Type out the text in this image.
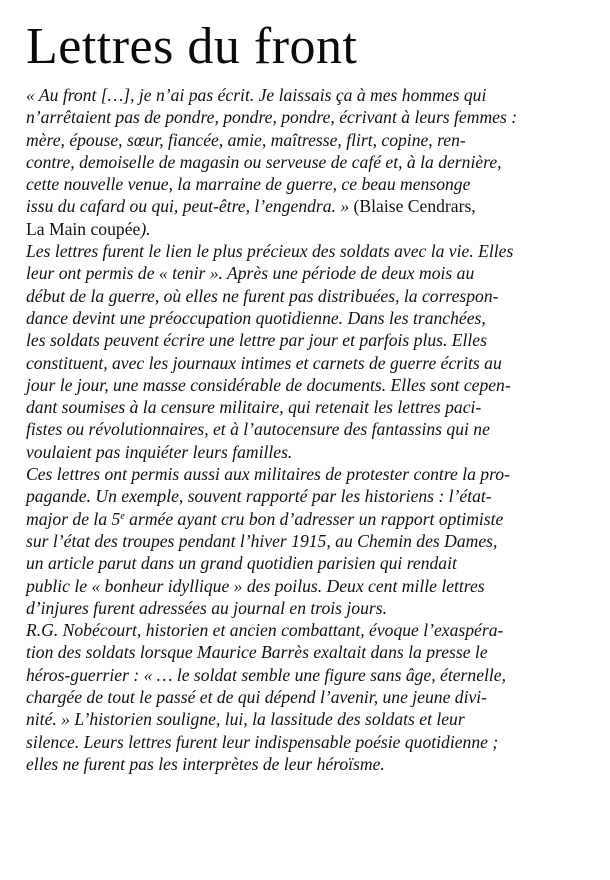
Lettres du front
« Au front […], je n’ai pas écrit. Je laissais ça à mes hommes qui
n’arrêtaient pas de pondre, pondre, pondre, écrivant à leurs femmes :
mère, épouse, sœur, fiancée, amie, maîtresse, flirt, copine, ren-
contre, demoiselle de magasin ou serveuse de café et, à la dernière,
cette nouvelle venue, la marraine de guerre, ce beau mensonge
issu du cafard ou qui, peut-être, l’engendra. » (Blaise Cendrars,
La Main coupée).
Les lettres furent le lien le plus précieux des soldats avec la vie. Elles
leur ont permis de « tenir ». Après une période de deux mois au
début de la guerre, où elles ne furent pas distribuées, la correspon-
dance devint une préoccupation quotidienne. Dans les tranchées,
les soldats peuvent écrire une lettre par jour et parfois plus. Elles
constituent, avec les journaux intimes et carnets de guerre écrits au
jour le jour, une masse considérable de documents. Elles sont cepen-
dant soumises à la censure militaire, qui retenait les lettres paci-
fistes ou révolutionnaires, et à l’autocensure des fantassins qui ne
voulaient pas inquiéter leurs familles.
Ces lettres ont permis aussi aux militaires de protester contre la pro-
pagande. Un exemple, souvent rapporté par les historiens : l’état-
major de la 5e armée ayant cru bon d’adresser un rapport optimiste
sur l’état des troupes pendant l’hiver 1915, au Chemin des Dames,
un article parut dans un grand quotidien parisien qui rendait
public le « bonheur idyllique » des poilus. Deux cent mille lettres
d’injures furent adressées au journal en trois jours.
R.G. Nobécourt, historien et ancien combattant, évoque l’exaspéra-
tion des soldats lorsque Maurice Barrès exaltait dans la presse le
héros-guerrier : « … le soldat semble une figure sans âge, éternelle,
chargée de tout le passé et de qui dépend l’avenir, une jeune divi-
nité. » L’historien souligne, lui, la lassitude des soldats et leur
silence. Leurs lettres furent leur indispensable poésie quotidienne ;
elles ne furent pas les interprètes de leur héroïsme.
